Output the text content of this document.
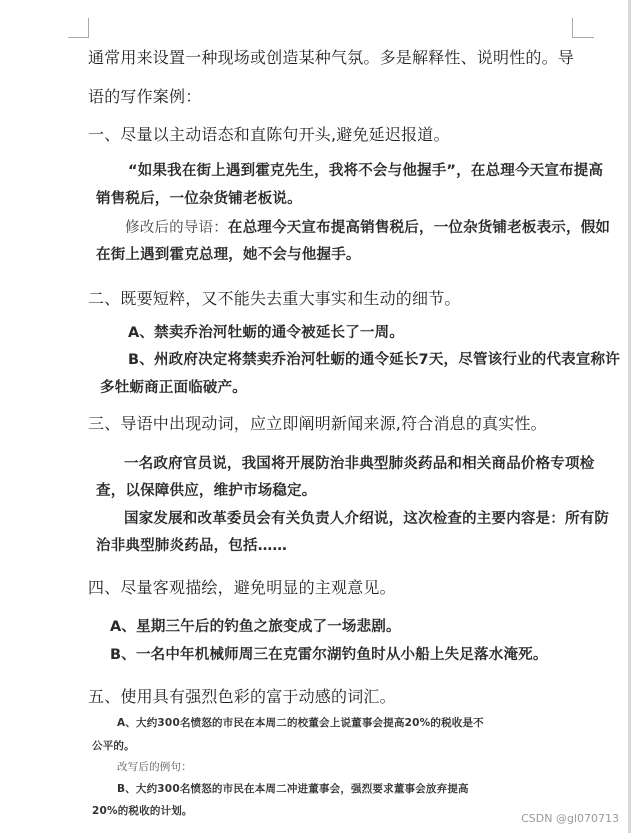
通常用来设置一种现场或创造某种气氛。多是解释性、说明性的。导
语的写作案例：
一、尽量以主动语态和直陈句开头,避免延迟报道。
“如果我在街上遇到霍克先生，我将不会与他握手”，在总理今天宣布提高
销售税后，一位杂货铺老板说。
修改后的导语：在总理今天宣布提高销售税后，一位杂货铺老板表示，假如
在街上遇到霍克总理，她不会与他握手。
二、既要短粹，又不能失去重大事实和生动的细节。
A、禁卖乔治河牡蛎的通令被延长了一周。
B、州政府决定将禁卖乔治河牡蛎的通令延长7天，尽管该行业的代表宣称许
多牡蛎商正面临破产。
三、导语中出现动词，应立即阐明新闻来源,符合消息的真实性。
一名政府官员说，我国将开展防治非典型肺炎药品和相关商品价格专项检
查，以保障供应，维护市场稳定。
国家发展和改革委员会有关负责人介绍说，这次检查的主要内容是：所有防
治非典型肺炎药品，包括……
四、尽量客观描绘，避免明显的主观意见。
A、星期三午后的钓鱼之旅变成了一场悲剧。
B、一名中年机械师周三在克雷尔湖钓鱼时从小船上失足落水淹死。
五、使用具有强烈色彩的富于动感的词汇。
A、大约300名愤怒的市民在本周二的校董会上说董事会提高20%的税收是不
公平的。
改写后的例句：
B、大约300名愤怒的市民在本周二冲进董事会，强烈要求董事会放弃提高
20%的税收的计划。
CSDN @gl070713
